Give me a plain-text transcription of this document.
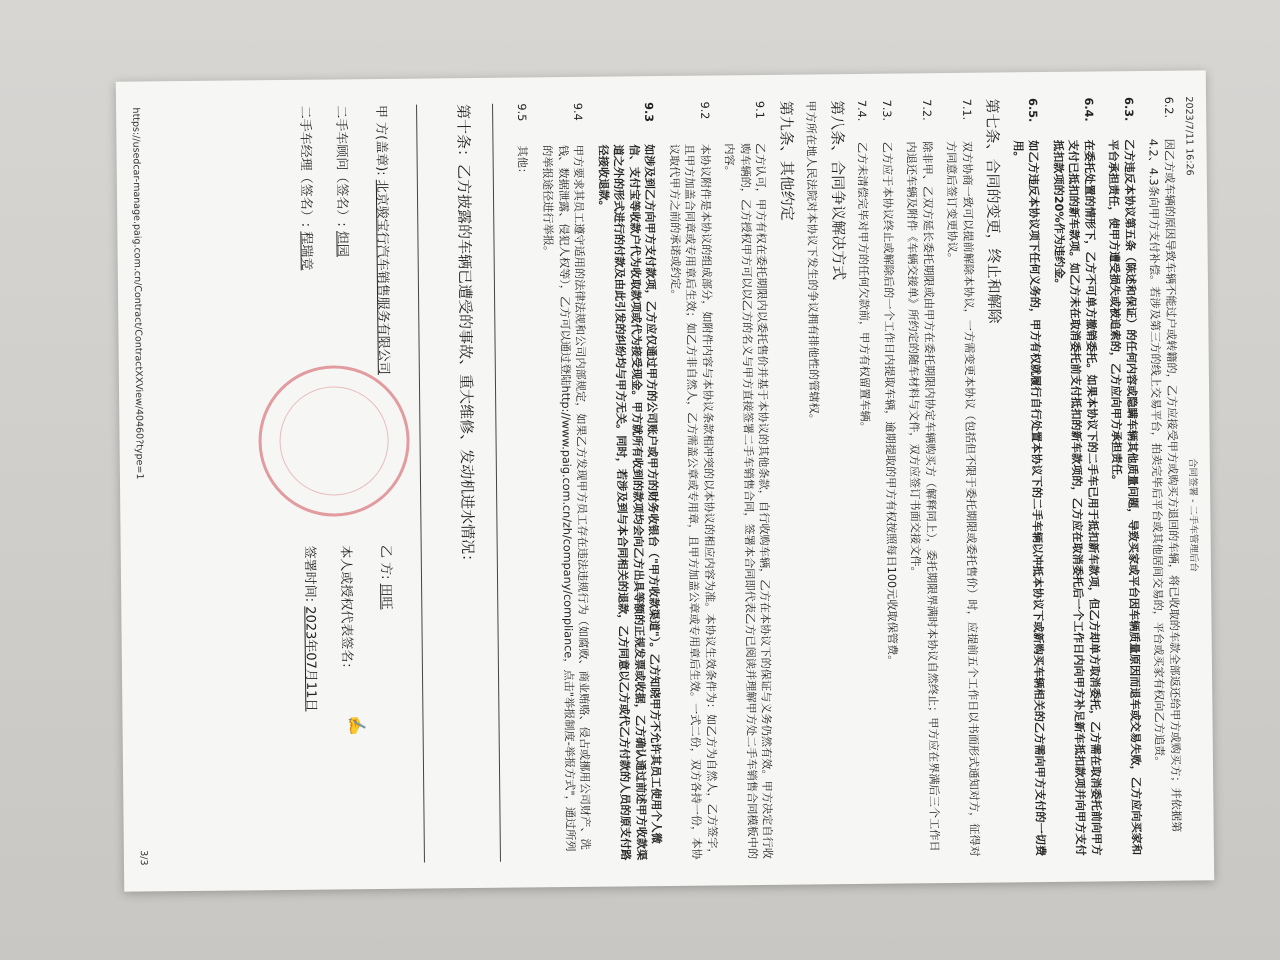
2023/7/11 16:26
合同签署 - 二手车管理后台
6.2.
因乙方或车辆的原因导致车辆不能过户或转籍的，乙方应接受甲方或购买方退回的车辆，将已收取的车款全部返还给甲方或购买方；并依据第4.2、4.3条向甲方支付补偿。若涉及第三方的线上交易平台，拍卖完毕后平台或其他居间交易的，平台或买家有权向乙方追责。
6.3.
乙方违反本协议第五条（陈述和保证）的任何内容或隐瞒车辆其他质量问题，导致买家或平台因车辆质量原因而退车或交易失败，乙方应向买家和平台承担责任，使甲方遭受损失或被追索的，乙方应向甲方承担责任。
6.4.
在委托处置的情形下，乙方不可单方撤销委托。如果本协议下的二手车已用于抵扣新车款项，但乙方却单方取消委托，乙方需在取消委托前向甲方支付已抵扣的新车款项。如乙方未在取消委托前支付抵扣的新车款项的，乙方应在取消委托后一个工作日内向甲方补足新车抵扣款项并向甲方支付抵扣款项的20%作为违约金。
6.5.
如乙方违反本协议项下任何义务的，甲方有权就履行自行处置本协议下的二手车辆以冲抵本协议下或新购买车辆相关的乙方需向甲方支付的一切费用。
第七条、合同的变更，终止和解除
7.1.
双方协商一致可以提前解除本协议，一方需变更本协议（包括但不限于委托期限或委托售价）时，应提前五个工作日以书面形式通知对方，征得对方同意后签订变更协议。
7.2.
除非甲、乙双方延长委托期限或由甲方在委托期限内协定车辆购买方（解释同上），委托期限界满时本协议自然终止；甲方应在界满后三个工作日内退还车辆及附件《车辆交接单》所约定的随车材料与文件，双方应签订书面交接文件。
7.3.
乙方应于本协议终止或解除后的一个工作日内提取车辆，逾期提取的甲方有权按照每日100元收取保管费。
7.4.
乙方未清偿完毕对甲方的任何欠款前，甲方有权留置车辆。
第八条、合同争议解决方式
甲方所在地人民法院对本协议下发生的争议拥有排他性的管辖权。
第九条、其他约定
9.1
乙方认可，甲方有权在委托期限内以委托售价并基于本协议的其他条款，自行收购车辆，乙方在本协议下的保证与义务仍然有效。甲方决定自行收购车辆的，乙方授权甲方可以以乙方的名义与甲方直接签署二手车销售合同，签署本合同即代表乙方已阅读并理解甲方处二手车销售合同模板中的内容。
9.2
本协议附件是本协议的组成部分，如附件内容与本协议条款相冲突的以本协议的相应内容为准。本协议生效条件为：如乙方为自然人，乙方签字，且甲方加盖合同章或专用章后生效；如乙方非自然人，乙方需盖公章或专用章，且甲方加盖公章或专用章后生效。一式二份，双方各持一份，本协议取代甲方之前的承诺或约定。
9.3
如涉及到乙方向甲方支付款项，乙方应仅通过甲方的公司账户或甲方的财务收银台（"甲方收款渠道"）。乙方知晓甲方不允许其员工使用个人微信、支付宝等收款户代为收取款项或代为接受现金。甲方就所有收到的款项均会向乙方出具等额的正规发票或收据，乙方确认通过前述甲方收款渠道之外的形式进行的付款及由此引发的纠纷均与甲方无关。同时，若涉及到与本合同相关的退款，乙方同意以乙方或代乙方付款的人员的原支付路径接收退款。
9.4
甲方要求其员工遵守适用的法律法规和公司内部规定，如果乙方发现甲方员工存在违法违规行为（如腐败、商业贿赂、侵占或挪用公司财产、洗钱、数据泄露、侵犯人权等），乙方可以通过登陆http://www.paig.com.cn/zh/company/compliance，点击"举报制度-举报方式"，通过所列的举报途径进行举报。
9.5
其他：
第十条：乙方披露的车辆已遭受的事故、重大维修、发动机进水情况：
甲 方(盖章): 北京骏宝行汽车销售服务有限公司
二手车顾问（签名）: 炟园
二手车经理（签名）: 程瑞竞
乙 方: 田旺
本人或授权代表签名：
✍
签署时间: 2023年07月11日
https://usedcar-manage.paig.com.cn/Contract/ContractXXView/40460?type=1
3/3
